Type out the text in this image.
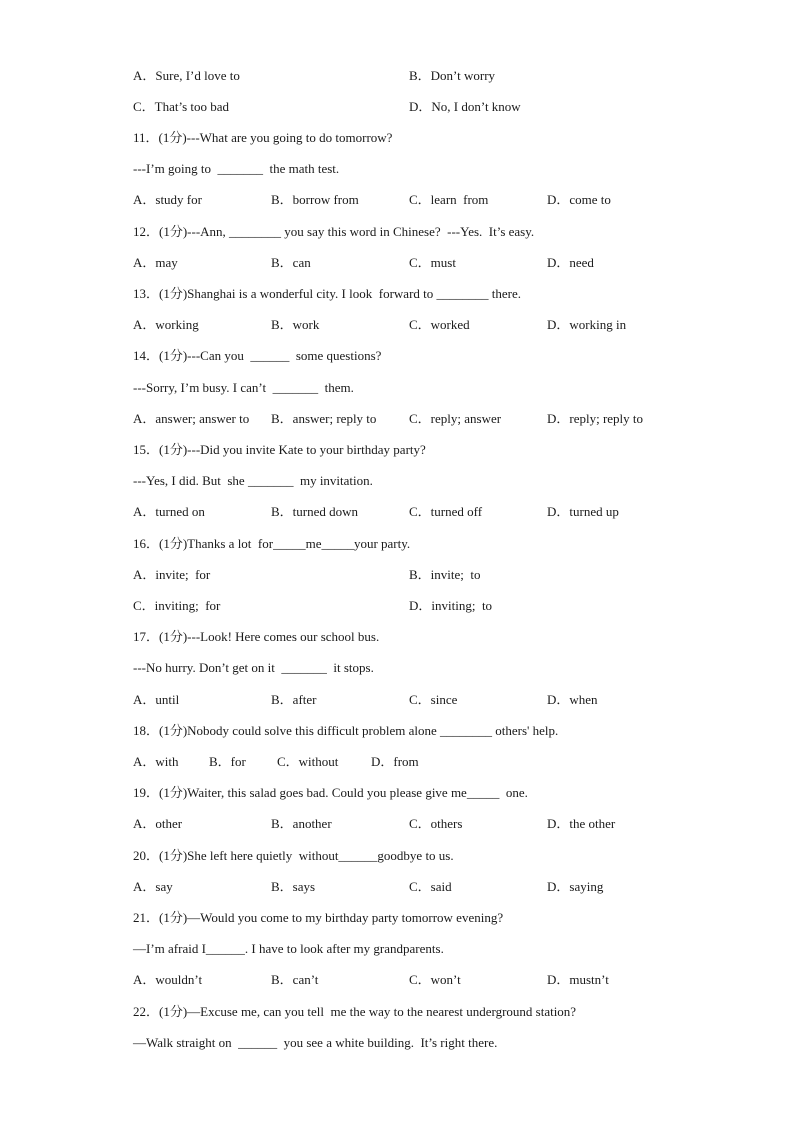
A．Sure, I’d love to	B．Don’t worry
C．That’s too bad	D．No, I don’t know
11．(1分)---What are you going to do tomorrow?
---I’m going to  _______  the math test.
A．study for	B．borrow from	C．learn  from	D．come to
12．(1分)---Ann, ________ you say this word in Chinese?  ---Yes.  It’s easy.
A．may	B．can	C．must	D．need
13．(1分)Shanghai is a wonderful city. I look  forward to ________ there.
A．working	B．work	C．worked	D．working in
14．(1分)---Can you  ______  some questions?
---Sorry, I’m busy. I can’t  _______  them.
A．answer; answer to B．answer; reply to	C．reply; answer	D．reply; reply to
15．(1分)---Did you invite Kate to your birthday party?
---Yes, I did. But  she _______  my invitation.
A．turned on	B．turned down	C．turned off	D．turned up
16．(1分)Thanks a lot  for_____me_____your party.
A．invite;  for	B．invite;  to
C．inviting;  for	D．inviting;  to
17．(1分)---Look! Here comes our school bus.
---No hurry. Don’t get on it  _______  it stops.
A．until	B．after	C．since	D．when
18．(1分)Nobody could solve this difficult problem alone ________ others' help.
A．with B．for C．without	D．from
19．(1分)Waiter, this salad goes bad. Could you please give me_____  one.
A．other	B．another	C．others	D．the other
20．(1分)She left here quietly  without______goodbye to us.
A．say	B．says	C．said	D．saying
21．(1分)—Would you come to my birthday party tomorrow evening?
—I’m afraid I______. I have to look after my grandparents.
A．wouldn’t	B．can’t	C．won’t	D．mustn’t
22．(1分)—Excuse me, can you tell  me the way to the nearest underground station?
—Walk straight on  ______  you see a white building.  It’s right there.
